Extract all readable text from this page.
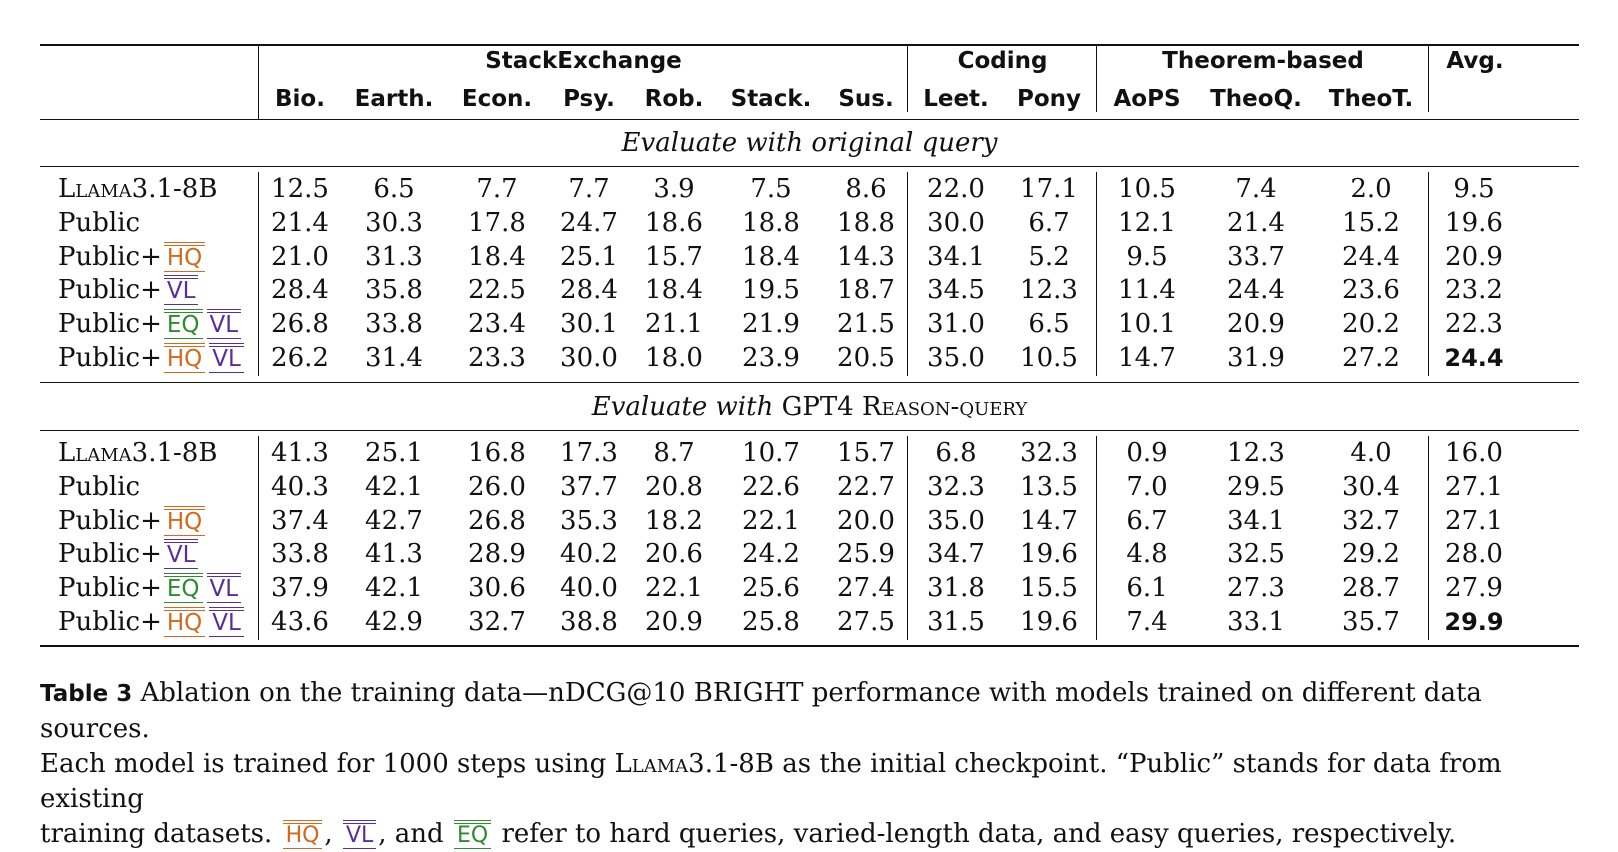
StackExchange	Coding	Theorem-based	Avg.
Bio.	Earth.	Econ.	Psy.	Rob.	Stack.	Sus.	Leet.	Pony	AoPS	TheoQ.	TheoT.
Evaluate with original query
Evaluate with GPT4 Reason-query
Llama3.1-8B	12.5	6.5	7.7	7.7	3.9	7.5	8.6	22.0	17.1	10.5	7.4	2.0	9.5
Public	21.4	30.3	17.8	24.7	18.6	18.8	18.8	30.0	6.7	12.1	21.4	15.2	19.6
Public+ HQ	21.0	31.3	18.4	25.1	15.7	18.4	14.3	34.1	5.2	9.5	33.7	24.4	20.9
Public+ VL	28.4	35.8	22.5	28.4	18.4	19.5	18.7	34.5	12.3	11.4	24.4	23.6	23.2
Public+ EQ VL	26.8	33.8	23.4	30.1	21.1	21.9	21.5	31.0	6.5	10.1	20.9	20.2	22.3
Public+ HQ VL	26.2	31.4	23.3	30.0	18.0	23.9	20.5	35.0	10.5	14.7	31.9	27.2	24.4
Llama3.1-8B	41.3	25.1	16.8	17.3	8.7	10.7	15.7	6.8	32.3	0.9	12.3	4.0	16.0
Public	40.3	42.1	26.0	37.7	20.8	22.6	22.7	32.3	13.5	7.0	29.5	30.4	27.1
Public+ HQ	37.4	42.7	26.8	35.3	18.2	22.1	20.0	35.0	14.7	6.7	34.1	32.7	27.1
Public+ VL	33.8	41.3	28.9	40.2	20.6	24.2	25.9	34.7	19.6	4.8	32.5	29.2	28.0
Public+ EQ VL	37.9	42.1	30.6	40.0	22.1	25.6	27.4	31.8	15.5	6.1	27.3	28.7	27.9
Public+ HQ VL	43.6	42.9	32.7	38.8	20.9	25.8	27.5	31.5	19.6	7.4	33.1	35.7	29.9
Table 3 Ablation on the training data—nDCG@10 BRIGHT performance with models trained on different data sources.
Each model is trained for 1000 steps using Llama3.1-8B as the initial checkpoint. “Public” stands for data from existing
training datasets. HQ , VL , and EQ refer to hard queries, varied-length data, and easy queries, respectively.
